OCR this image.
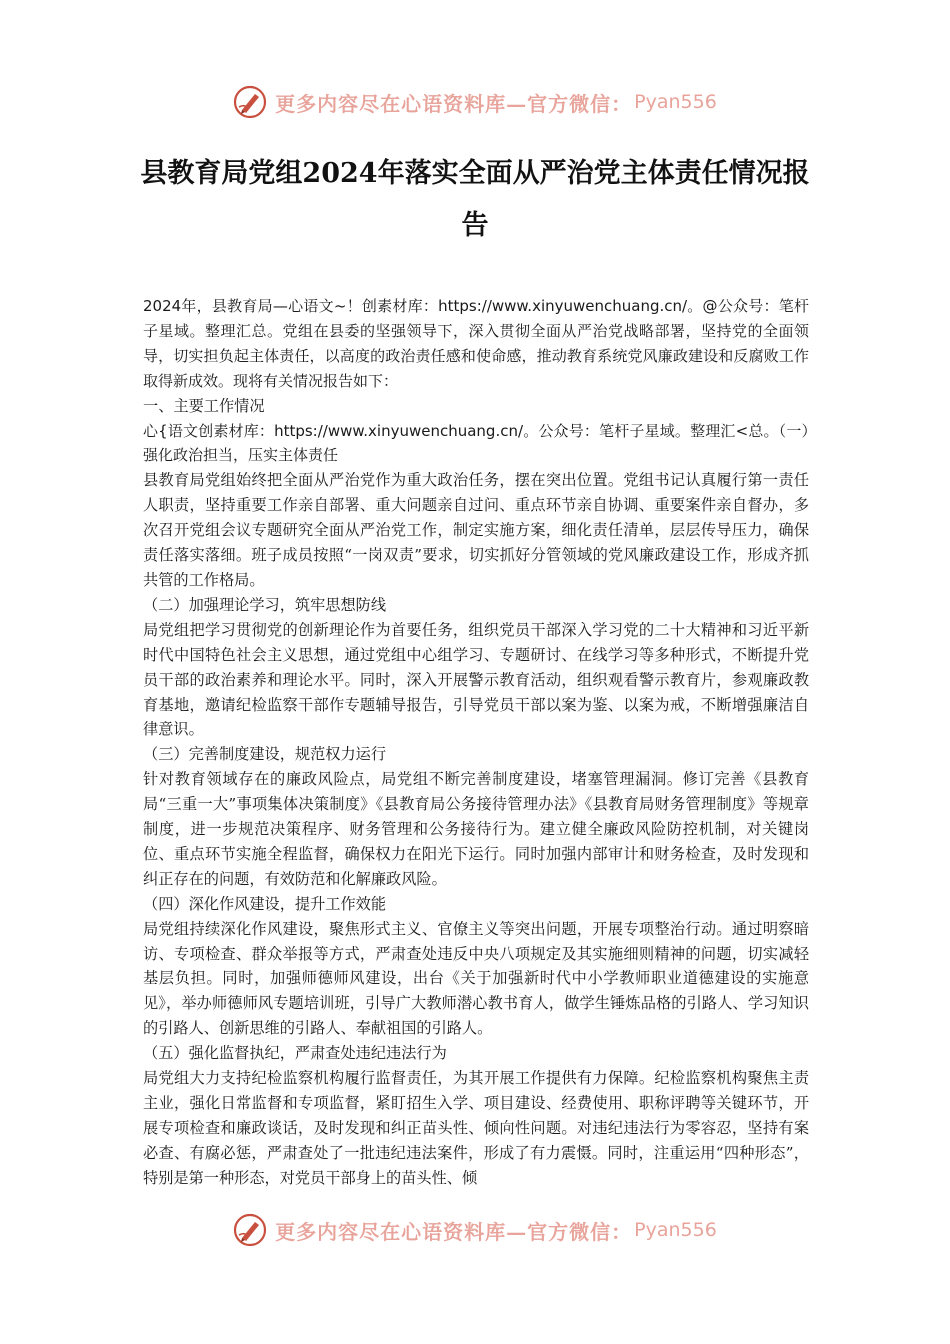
更多内容尽在心语资料库—官方微信： Pyan556
县教育局党组2024年落实全面从严治党主体责任情况报告

2024年，县教育局—心语文~！创素材库：https://www.xinyuwenchuang.cn/。@公众号：笔杆子星域。整理汇总。党组在县委的坚强领导下，深入贯彻全面从严治党战略部署，坚持党的全面领导，切实担负起主体责任，以高度的政治责任感和使命感，推动教育系统党风廉政建设和反腐败工作取得新成效。现将有关情况报告如下：

一、主要工作情况

心{语文创素材库：https://www.xinyuwenchuang.cn/。公众号：笔杆子星域。整理汇<总。（一）强化政治担当，压实主体责任

县教育局党组始终把全面从严治党作为重大政治任务，摆在突出位置。党组书记认真履行第一责任人职责，坚持重要工作亲自部署、重大问题亲自过问、重点环节亲自协调、重要案件亲自督办，多次召开党组会议专题研究全面从严治党工作，制定实施方案，细化责任清单，层层传导压力，确保责任落实落细。班子成员按照“一岗双责”要求，切实抓好分管领域的党风廉政建设工作，形成齐抓共管的工作格局。

（二）加强理论学习，筑牢思想防线

局党组把学习贯彻党的创新理论作为首要任务，组织党员干部深入学习党的二十大精神和习近平新时代中国特色社会主义思想，通过党组中心组学习、专题研讨、在线学习等多种形式，不断提升党员干部的政治素养和理论水平。同时，深入开展警示教育活动，组织观看警示教育片，参观廉政教育基地，邀请纪检监察干部作专题辅导报告，引导党员干部以案为鉴、以案为戒，不断增强廉洁自律意识。

（三）完善制度建设，规范权力运行

针对教育领域存在的廉政风险点，局党组不断完善制度建设，堵塞管理漏洞。修订完善《县教育局“三重一大”事项集体决策制度》《县教育局公务接待管理办法》《县教育局财务管理制度》等规章制度，进一步规范决策程序、财务管理和公务接待行为。建立健全廉政风险防控机制，对关键岗位、重点环节实施全程监督，确保权力在阳光下运行。同时加强内部审计和财务检查，及时发现和纠正存在的问题，有效防范和化解廉政风险。

（四）深化作风建设，提升工作效能

局党组持续深化作风建设，聚焦形式主义、官僚主义等突出问题，开展专项整治行动。通过明察暗访、专项检查、群众举报等方式，严肃查处违反中央八项规定及其实施细则精神的问题，切实减轻基层负担。同时，加强师德师风建设，出台《关于加强新时代中小学教师职业道德建设的实施意见》，举办师德师风专题培训班，引导广大教师潜心教书育人，做学生锤炼品格的引路人、学习知识的引路人、创新思维的引路人、奉献祖国的引路人。

（五）强化监督执纪，严肃查处违纪违法行为

局党组大力支持纪检监察机构履行监督责任，为其开展工作提供有力保障。纪检监察机构聚焦主责主业，强化日常监督和专项监督，紧盯招生入学、项目建设、经费使用、职称评聘等关键环节，开展专项检查和廉政谈话，及时发现和纠正苗头性、倾向性问题。对违纪违法行为零容忍，坚持有案必查、有腐必惩，严肃查处了一批违纪违法案件，形成了有力震慑。同时，注重运用“四种形态”，特别是第一种形态，对党员干部身上的苗头性、倾

更多内容尽在心语资料库—官方微信： Pyan556
